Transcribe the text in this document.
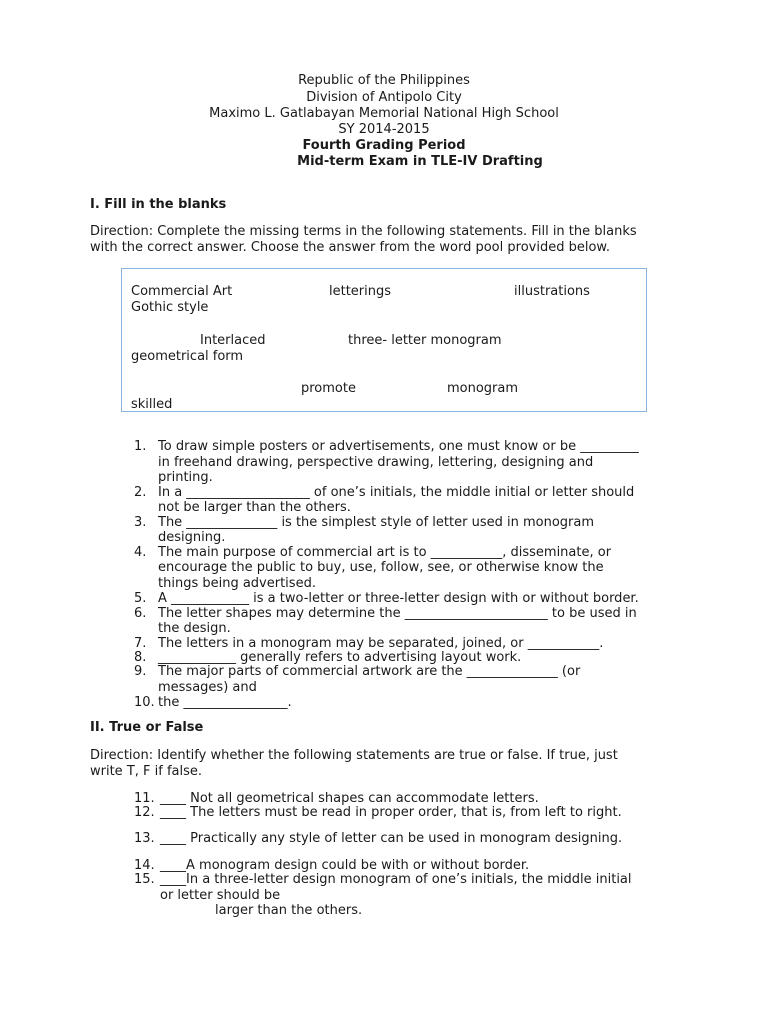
Republic of the Philippines
Division of Antipolo City
Maximo L. Gatlabayan Memorial National High School
SY 2014-2015
Fourth Grading Period
Mid-term Exam in TLE-IV Drafting
I. Fill in the blanks
Direction: Complete the missing terms in the following statements. Fill in the blanks
with the correct answer. Choose the answer from the word pool provided below.
Commercial Art	letterings	illustrations
Gothic style
Interlaced	three- letter monogram
geometrical form
promote	monogram
skilled
1. To draw simple posters or advertisements, one must know or be _________
in freehand drawing, perspective drawing, lettering, designing and
printing.
2. In a ___________________ of one’s initials, the middle initial or letter should
not be larger than the others.
3. The ______________ is the simplest style of letter used in monogram
designing.
4. The main purpose of commercial art is to ___________, disseminate, or
encourage the public to buy, use, follow, see, or otherwise know the
things being advertised.
5. A ____________ is a two-letter or three-letter design with or without border.
6. The letter shapes may determine the ______________________ to be used in
the design.
7. The letters in a monogram may be separated, joined, or ___________.
8. ____________ generally refers to advertising layout work.
9. The major parts of commercial artwork are the ______________ (or
messages) and
10. the ________________.
II. True or False
Direction: Identify whether the following statements are true or false. If true, just
write T, F if false.
11. ____ Not all geometrical shapes can accommodate letters.
12. ____ The letters must be read in proper order, that is, from left to right.
13. ____ Practically any style of letter can be used in monogram designing.
14. ____A monogram design could be with or without border.
15. ____In a three-letter design monogram of one’s initials, the middle initial
or letter should be
larger than the others.
